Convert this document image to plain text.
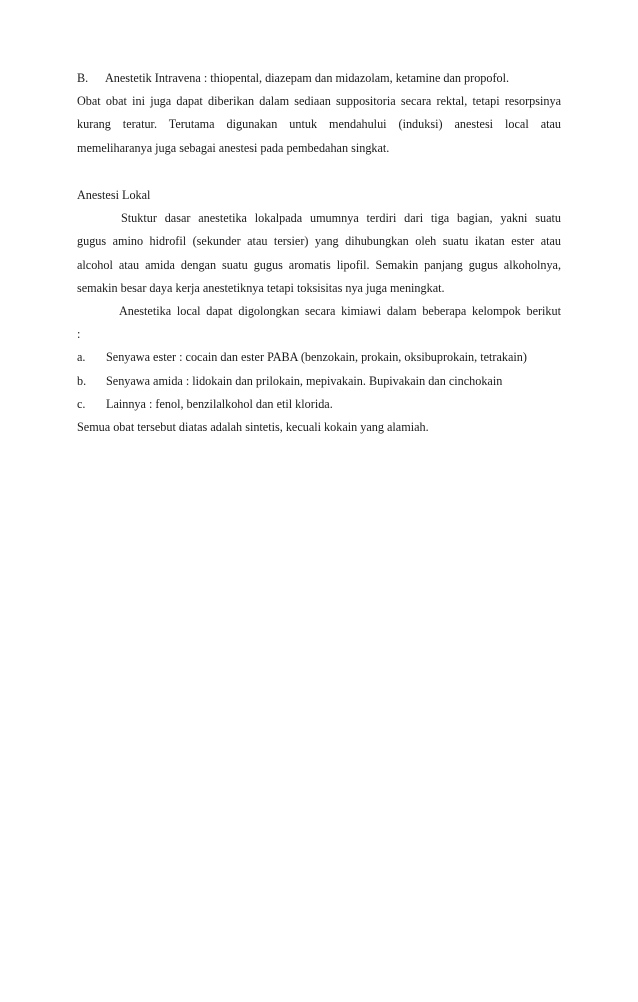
B. Anestetik Intravena : thiopental, diazepam dan midazolam, ketamine dan propofol.
Obat obat ini juga dapat diberikan dalam sediaan suppositoria secara rektal, tetapi resorpsinya
kurang teratur. Terutama digunakan untuk mendahului (induksi) anestesi local atau
memeliharanya juga sebagai anestesi pada pembedahan singkat.
Anestesi Lokal
Stuktur dasar anestetika lokalpada umumnya terdiri dari tiga bagian, yakni suatu
gugus amino hidrofil (sekunder atau tersier) yang dihubungkan oleh suatu ikatan ester atau
alcohol atau amida dengan suatu gugus aromatis lipofil. Semakin panjang gugus alkoholnya,
semakin besar daya kerja anestetiknya tetapi toksisitas nya juga meningkat.
Anestetika local dapat digolongkan secara kimiawi dalam beberapa kelompok berikut
:
a. Senyawa ester : cocain dan ester PABA (benzokain, prokain, oksibuprokain, tetrakain)
b. Senyawa amida : lidokain dan prilokain, mepivakain. Bupivakain dan cinchokain
c. Lainnya : fenol, benzilalkohol dan etil klorida.
Semua obat tersebut diatas adalah sintetis, kecuali kokain yang alamiah.
